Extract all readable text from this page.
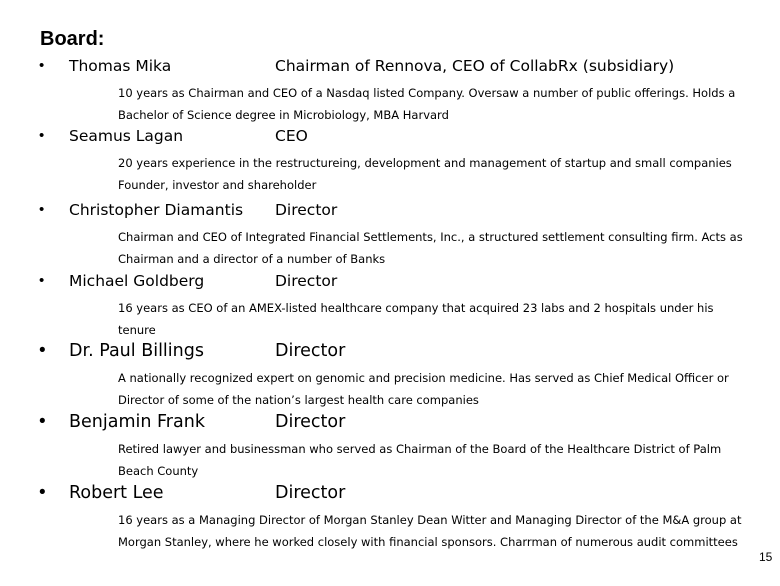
Board:
• Thomas Mika	Chairman of Rennova, CEO of CollabRx (subsidiary)
10 years as Chairman and CEO of a Nasdaq listed Company. Oversaw a number of public offerings. Holds a Bachelor of Science degree in Microbiology, MBA Harvard
• Seamus Lagan	CEO
20 years experience in the restructureing, development and management of startup and small companies Founder, investor and shareholder
• Christopher Diamantis Director
Chairman and CEO of Integrated Financial Settlements, Inc., a structured settlement consulting firm. Acts as Chairman and a director of a number of Banks
• Michael Goldberg	Director
16 years as CEO of an AMEX-listed healthcare company that acquired 23 labs and 2 hospitals under his tenure
• Dr. Paul Billings	Director
A nationally recognized expert on genomic and precision medicine. Has served as Chief Medical Officer or Director of some of the nation’s largest health care companies
• Benjamin Frank	Director
Retired lawyer and businessman who served as Chairman of the Board of the Healthcare District of Palm Beach County
• Robert Lee	Director
16 years as a Managing Director of Morgan Stanley Dean Witter and Managing Director of the M&A group at Morgan Stanley, where he worked closely with financial sponsors. Charrman of numerous audit committees
15
